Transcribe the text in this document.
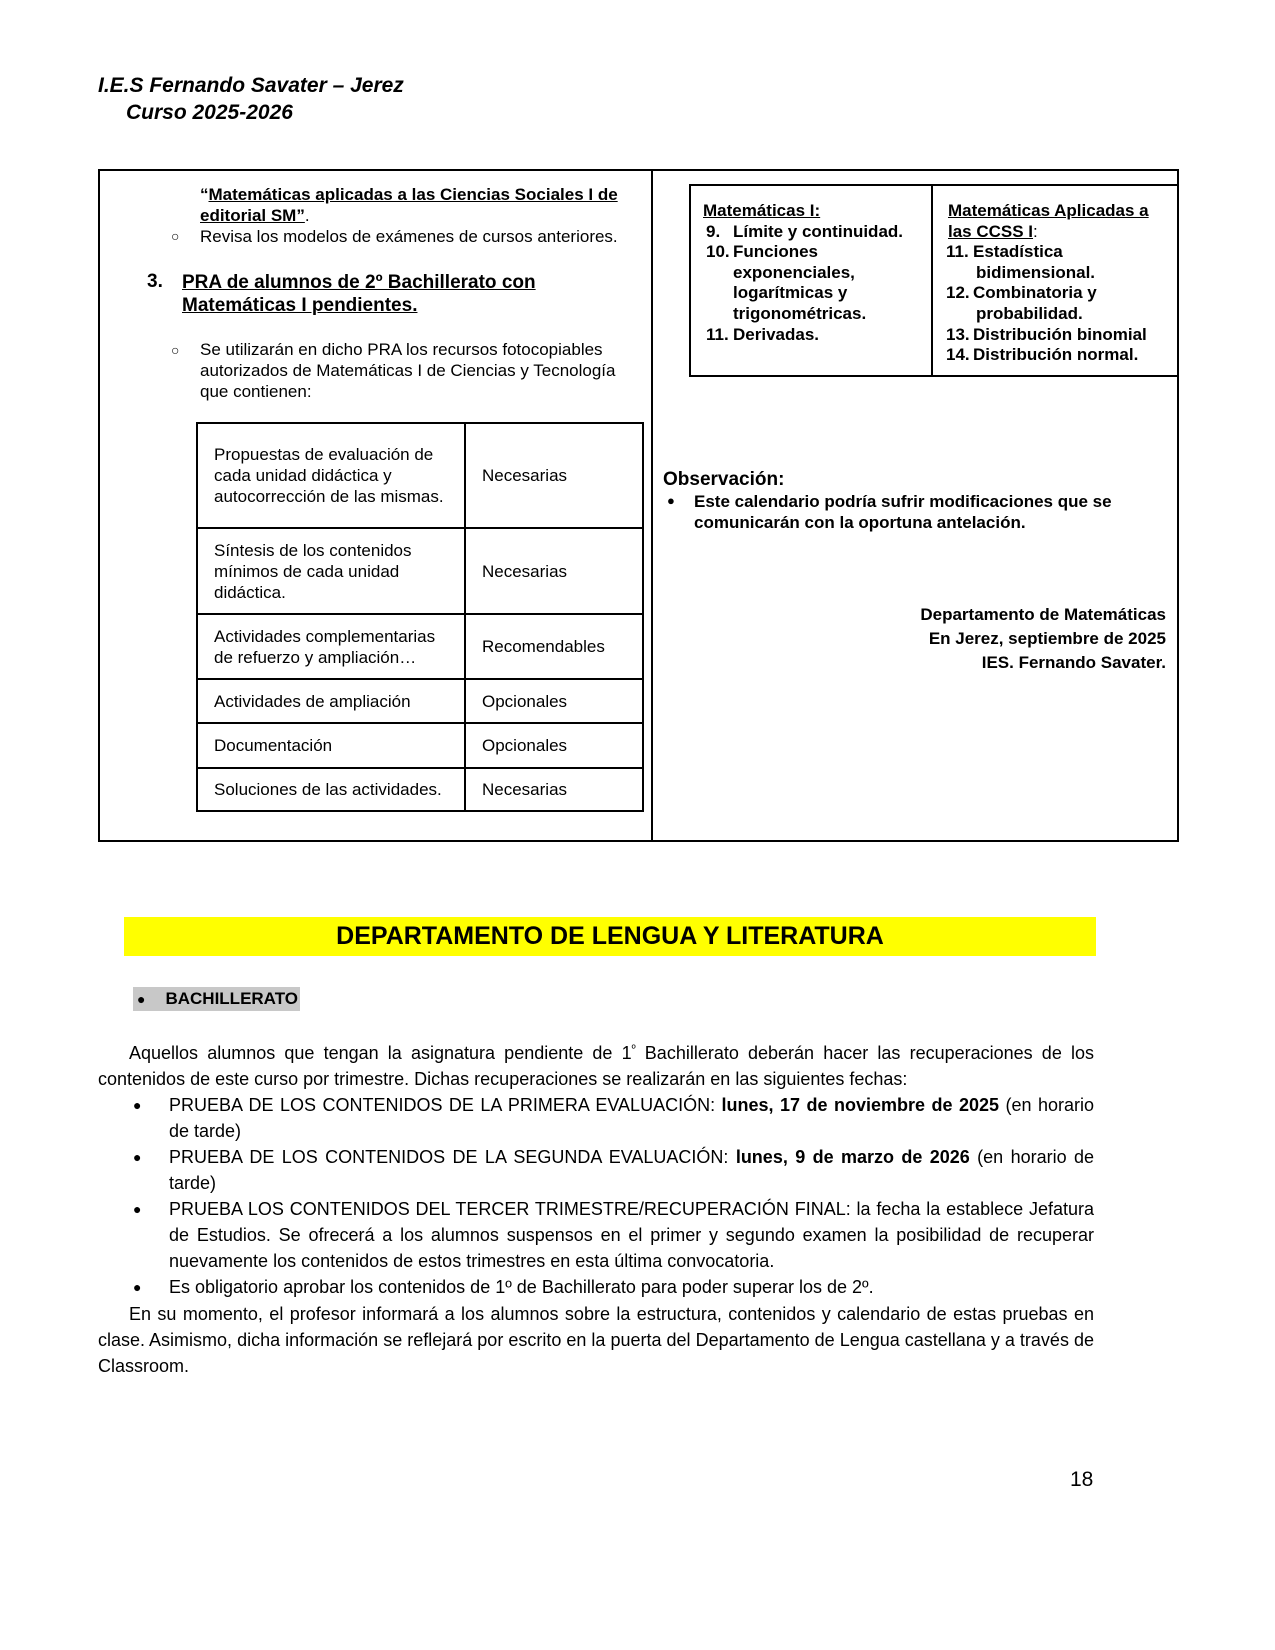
I.E.S Fernando Savater – Jerez
Curso 2025-2026
“Matemáticas aplicadas a las Ciencias Sociales I de editorial SM”.
○ Revisa los modelos de exámenes de cursos anteriores.
3. PRA de alumnos de 2º Bachillerato con Matemáticas I pendientes.
○ Se utilizarán en dicho PRA los recursos fotocopiables autorizados de Matemáticas I de Ciencias y Tecnología que contienen:
Propuestas de evaluación de cada unidad didáctica y autocorrección de las mismas.	Necesarias
Síntesis de los contenidos mínimos de cada unidad didáctica.	Necesarias
Actividades complementarias de refuerzo y ampliación…	Recomendables
Actividades de ampliación	Opcionales
Documentación	Opcionales
Soluciones de las actividades.	Necesarias
Matemáticas I:
9. Límite y continuidad.
10. Funciones
exponenciales,
logarítmicas y
trigonométricas.
11. Derivadas.
Matemáticas Aplicadas a
las CCSS I:
11. Estadística
bidimensional.
12. Combinatoria y
probabilidad.
13. Distribución binomial
14. Distribución normal.
Observación:
● Este calendario podría sufrir modificaciones que se comunicarán con la oportuna antelación.
Departamento de Matemáticas
En Jerez, septiembre de 2025
IES. Fernando Savater.
DEPARTAMENTO DE LENGUA Y LITERATURA
● BACHILLERATO
Aquellos alumnos que tengan la asignatura pendiente de $1^º$ Bachillerato deberán hacer las recuperaciones de los contenidos de este curso por trimestre. Dichas recuperaciones se realizarán en las siguientes fechas:
● PRUEBA DE LOS CONTENIDOS DE LA PRIMERA EVALUACIÓN: lunes, 17 de noviembre de 2025 (en horario de tarde)
● PRUEBA DE LOS CONTENIDOS DE LA SEGUNDA EVALUACIÓN: lunes, 9 de marzo de 2026 (en horario de tarde)
● PRUEBA LOS CONTENIDOS DEL TERCER TRIMESTRE/RECUPERACIÓN FINAL: la fecha la establece Jefatura de Estudios. Se ofrecerá a los alumnos suspensos en el primer y segundo examen la posibilidad de recuperar nuevamente los contenidos de estos trimestres en esta última convocatoria.
● Es obligatorio aprobar los contenidos de 1º de Bachillerato para poder superar los de 2º.
En su momento, el profesor informará a los alumnos sobre la estructura, contenidos y calendario de estas pruebas en clase. Asimismo, dicha información se reflejará por escrito en la puerta del Departamento de Lengua castellana y a través de Classroom.
18
